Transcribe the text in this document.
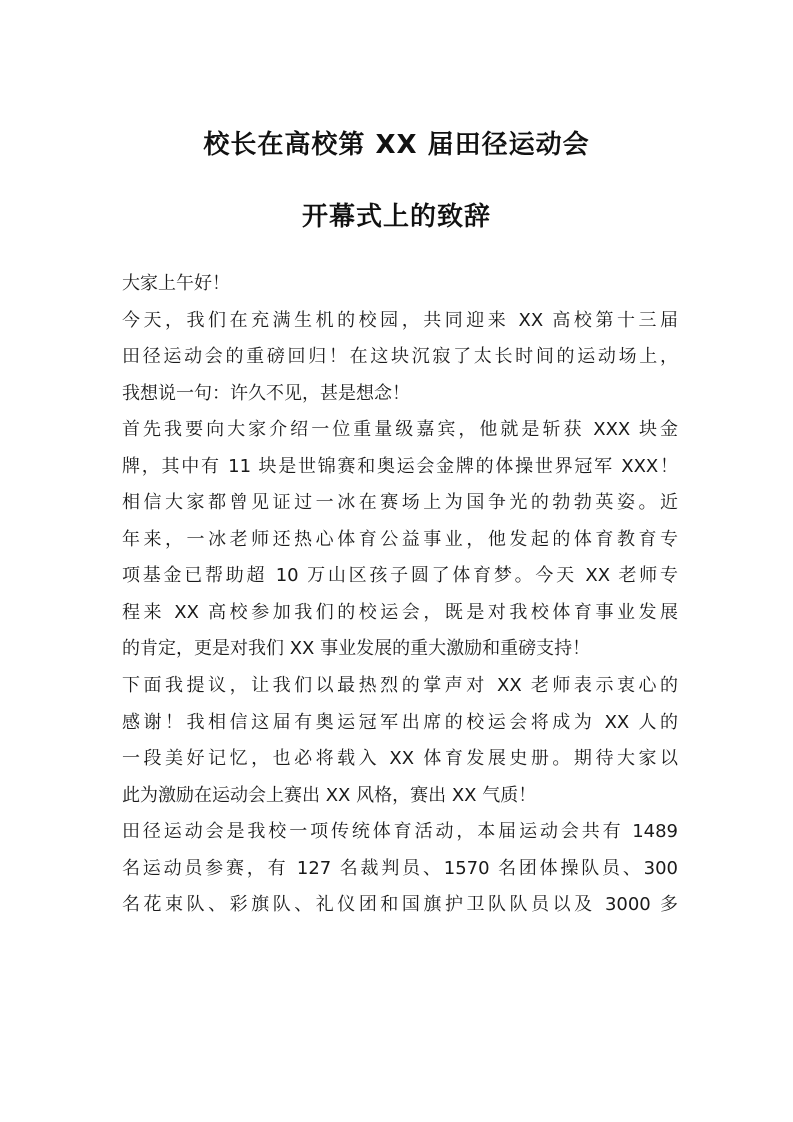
校长在高校第 XX 届田径运动会
开幕式上的致辞
大家上午好！
今天，我们在充满生机的校园，共同迎来 XX 高校第十三届
田径运动会的重磅回归！在这块沉寂了太长时间的运动场上，
我想说一句：许久不见，甚是想念！
首先我要向大家介绍一位重量级嘉宾，他就是斩获 XXX 块金
牌，其中有 11 块是世锦赛和奥运会金牌的体操世界冠军 XXX！
相信大家都曾见证过一冰在赛场上为国争光的勃勃英姿。近
年来，一冰老师还热心体育公益事业，他发起的体育教育专
项基金已帮助超 10 万山区孩子圆了体育梦。今天 XX 老师专
程来 XX 高校参加我们的校运会，既是对我校体育事业发展
的肯定，更是对我们 XX 事业发展的重大激励和重磅支持！
下面我提议，让我们以最热烈的掌声对 XX 老师表示衷心的
感谢！我相信这届有奥运冠军出席的校运会将成为 XX 人的
一段美好记忆，也必将载入 XX 体育发展史册。期待大家以
此为激励在运动会上赛出 XX 风格，赛出 XX 气质！
田径运动会是我校一项传统体育活动，本届运动会共有 1489
名运动员参赛，有 127 名裁判员、1570 名团体操队员、300
名花束队、彩旗队、礼仪团和国旗护卫队队员以及 3000 多
